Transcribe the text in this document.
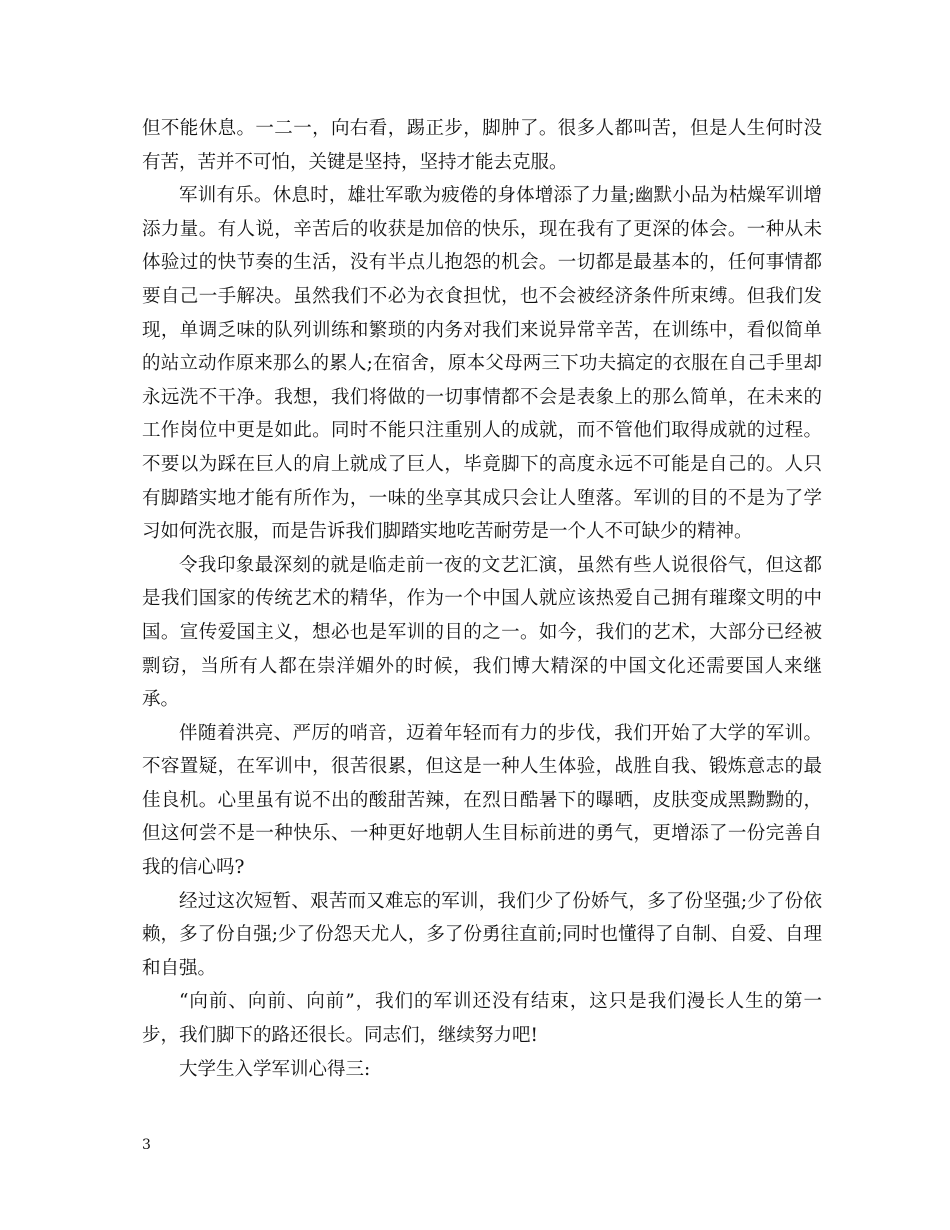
但不能休息。一二一，向右看，踢正步，脚肿了。很多人都叫苦，但是人生何时没有苦，苦并不可怕，关键是坚持，坚持才能去克服。

军训有乐。休息时，雄壮军歌为疲倦的身体增添了力量;幽默小品为枯燥军训增添力量。有人说，辛苦后的收获是加倍的快乐，现在我有了更深的体会。一种从未体验过的快节奏的生活，没有半点儿抱怨的机会。一切都是最基本的，任何事情都要自己一手解决。虽然我们不必为衣食担忧，也不会被经济条件所束缚。但我们发现，单调乏味的队列训练和繁琐的内务对我们来说异常辛苦，在训练中，看似简单的站立动作原来那么的累人;在宿舍，原本父母两三下功夫搞定的衣服在自己手里却永远洗不干净。我想，我们将做的一切事情都不会是表象上的那么简单，在未来的工作岗位中更是如此。同时不能只注重别人的成就，而不管他们取得成就的过程。不要以为踩在巨人的肩上就成了巨人，毕竟脚下的高度永远不可能是自己的。人只有脚踏实地才能有所作为，一味的坐享其成只会让人堕落。军训的目的不是为了学习如何洗衣服，而是告诉我们脚踏实地吃苦耐劳是一个人不可缺少的精神。

令我印象最深刻的就是临走前一夜的文艺汇演，虽然有些人说很俗气，但这都是我们国家的传统艺术的精华，作为一个中国人就应该热爱自己拥有璀璨文明的中国。宣传爱国主义，想必也是军训的目的之一。如今，我们的艺术，大部分已经被剽窃，当所有人都在崇洋媚外的时候，我们博大精深的中国文化还需要国人来继承。

伴随着洪亮、严厉的哨音，迈着年轻而有力的步伐，我们开始了大学的军训。不容置疑，在军训中，很苦很累，但这是一种人生体验，战胜自我、锻炼意志的最佳良机。心里虽有说不出的酸甜苦辣，在烈日酷暑下的曝晒，皮肤变成黑黝黝的，但这何尝不是一种快乐、一种更好地朝人生目标前进的勇气，更增添了一份完善自我的信心吗?

经过这次短暂、艰苦而又难忘的军训，我们少了份娇气，多了份坚强;少了份依赖，多了份自强;少了份怨天尤人，多了份勇往直前;同时也懂得了自制、自爱、自理和自强。

“向前、向前、向前”，我们的军训还没有结束，这只是我们漫长人生的第一步，我们脚下的路还很长。同志们，继续努力吧!

大学生入学军训心得三:

3
